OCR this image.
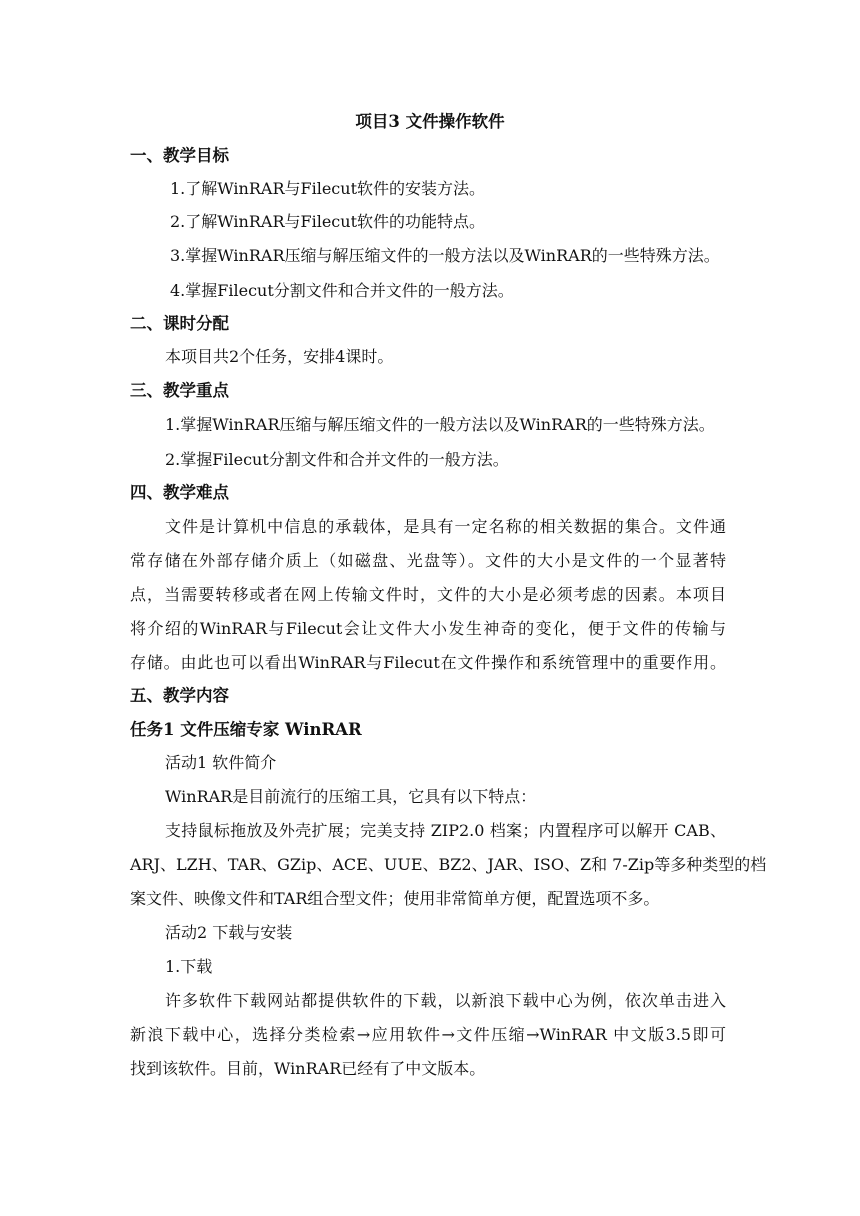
项目3 文件操作软件
一、教学目标
1.了解WinRAR与Filecut软件的安装方法。
2.了解WinRAR与Filecut软件的功能特点。
3.掌握WinRAR压缩与解压缩文件的一般方法以及WinRAR的一些特殊方法。
4.掌握Filecut分割文件和合并文件的一般方法。
二、课时分配
本项目共2个任务，安排4课时。
三、教学重点
1.掌握WinRAR压缩与解压缩文件的一般方法以及WinRAR的一些特殊方法。
2.掌握Filecut分割文件和合并文件的一般方法。
四、教学难点
文件是计算机中信息的承载体，是具有一定名称的相关数据的集合。文件通
常存储在外部存储介质上（如磁盘、光盘等）。文件的大小是文件的一个显著特
点，当需要转移或者在网上传输文件时，文件的大小是必须考虑的因素。本项目
将介绍的WinRAR与Filecut会让文件大小发生神奇的变化，便于文件的传输与
存储。由此也可以看出WinRAR与Filecut在文件操作和系统管理中的重要作用。
五、教学内容
任务1 文件压缩专家 WinRAR
活动1 软件简介
WinRAR是目前流行的压缩工具，它具有以下特点：
支持鼠标拖放及外壳扩展；完美支持 ZIP2.0 档案；内置程序可以解开 CAB、
ARJ、LZH、TAR、GZip、ACE、UUE、BZ2、JAR、ISO、Z和 7-Zip等多种类型的档
案文件、映像文件和TAR组合型文件；使用非常简单方便，配置选项不多。
活动2 下载与安装
1.下载
许多软件下载网站都提供软件的下载，以新浪下载中心为例，依次单击进入
新浪下载中心，选择分类检索→应用软件→文件压缩→WinRAR 中文版3.5即可
找到该软件。目前，WinRAR已经有了中文版本。
